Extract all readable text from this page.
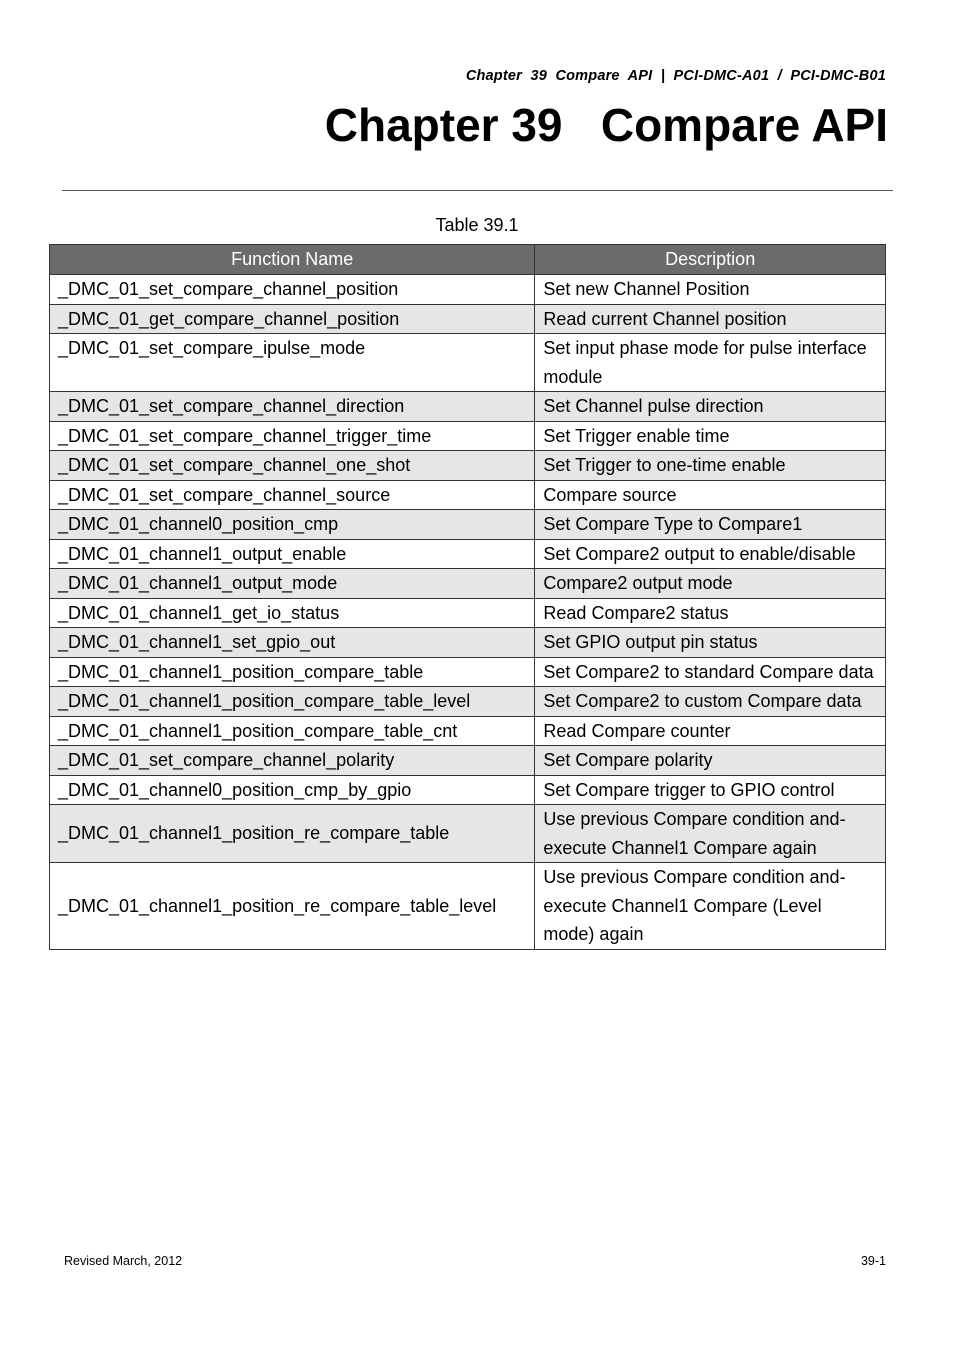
Chapter  39  Compare  API  |  PCI-DMC-A01  /  PCI-DMC-B01
Chapter 39   Compare API
Table 39.1
Function Name	Description
_DMC_01_set_compare_channel_position	Set new Channel Position
_DMC_01_get_compare_channel_position	Read current Channel position
_DMC_01_set_compare_ipulse_mode	Set input phase mode for pulse interface module
_DMC_01_set_compare_channel_direction	Set Channel pulse direction
_DMC_01_set_compare_channel_trigger_time	Set Trigger enable time
_DMC_01_set_compare_channel_one_shot	Set Trigger to one-time enable
_DMC_01_set_compare_channel_source	Compare source
_DMC_01_channel0_position_cmp	Set Compare Type to Compare1
_DMC_01_channel1_output_enable	Set Compare2 output to enable/disable
_DMC_01_channel1_output_mode	Compare2 output mode
_DMC_01_channel1_get_io_status	Read Compare2 status
_DMC_01_channel1_set_gpio_out	Set GPIO output pin status
_DMC_01_channel1_position_compare_table	Set Compare2 to standard Compare data
_DMC_01_channel1_position_compare_table_level	Set Compare2 to custom Compare data
_DMC_01_channel1_position_compare_table_cnt	Read Compare counter
_DMC_01_set_compare_channel_polarity	Set Compare polarity
_DMC_01_channel0_position_cmp_by_gpio	Set Compare trigger to GPIO control
_DMC_01_channel1_position_re_compare_table	Use previous Compare condition and-execute Channel1 Compare again
_DMC_01_channel1_position_re_compare_table_level	Use previous Compare condition and-execute Channel1 Compare (Level mode) again
Revised March, 2012	39-1
